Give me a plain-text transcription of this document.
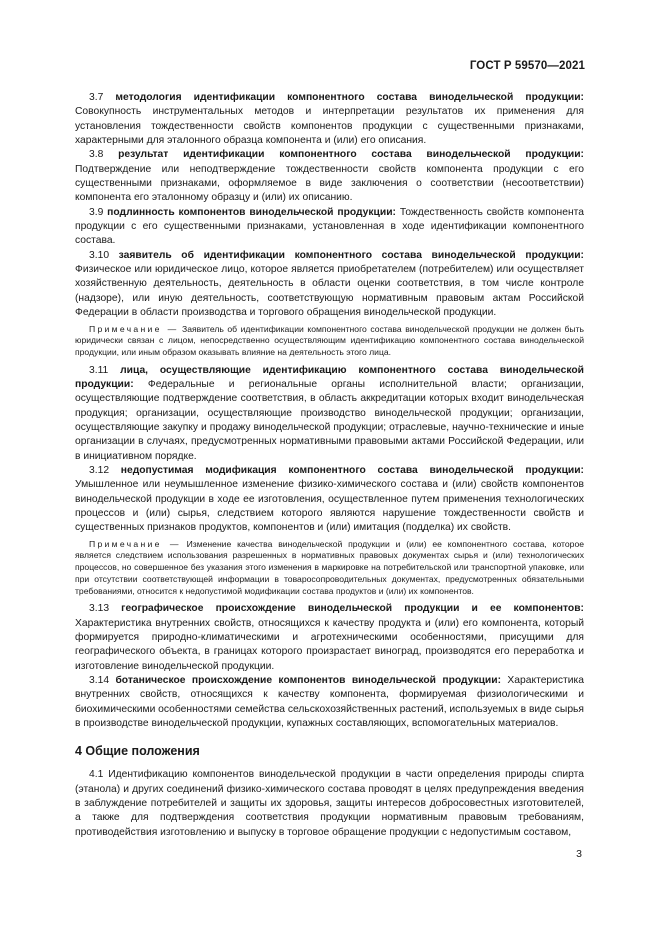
ГОСТ Р 59570—2021

3.7 методология идентификации компонентного состава винодельческой продукции: Совокупность инструментальных методов и интерпретации результатов их применения для установления тождественности свойств компонентов продукции с существенными признаками, характерными для эталонного образца компонента и (или) его описания.

3.8 результат идентификации компонентного состава винодельческой продукции: Подтверждение или неподтверждение тождественности свойств компонента продукции с его существенными признаками, оформляемое в виде заключения о соответствии (несоответствии) компонента его эталонному образцу и (или) их описанию.

3.9 подлинность компонентов винодельческой продукции: Тождественность свойств компонента продукции с его существенными признаками, установленная в ходе идентификации компонентного состава.

3.10 заявитель об идентификации компонентного состава винодельческой продукции: Физическое или юридическое лицо, которое является приобретателем (потребителем) или осуществляет хозяйственную деятельность, деятельность в области оценки соответствия, в том числе контроле (надзоре), или иную деятельность, соответствующую нормативным правовым актам Российской Федерации в области производства и торгового обращения винодельческой продукции.

Примечание — Заявитель об идентификации компонентного состава винодельческой продукции не должен быть юридически связан с лицом, непосредственно осуществляющим идентификацию компонентного состава винодельческой продукции, или иным образом оказывать влияние на деятельность этого лица.

3.11 лица, осуществляющие идентификацию компонентного состава винодельческой продукции: Федеральные и региональные органы исполнительной власти; организации, осуществляющие подтверждение соответствия, в область аккредитации которых входит винодельческая продукция; организации, осуществляющие производство винодельческой продукции; организации, осуществляющие закупку и продажу винодельческой продукции; отраслевые, научно-технические и иные организации в случаях, предусмотренных нормативными правовыми актами Российской Федерации, или в инициативном порядке.

3.12 недопустимая модификация компонентного состава винодельческой продукции: Умышленное или неумышленное изменение физико-химического состава и (или) свойств компонентов винодельческой продукции в ходе ее изготовления, осуществленное путем применения технологических процессов и (или) сырья, следствием которого являются нарушение тождественности свойств и существенных признаков продуктов, компонентов и (или) имитация (подделка) их свойств.

Примечание — Изменение качества винодельческой продукции и (или) ее компонентного состава, которое является следствием использования разрешенных в нормативных правовых документах сырья и (или) технологических процессов, но совершенное без указания этого изменения в маркировке на потребительской или транспортной упаковке, или при отсутствии соответствующей информации в товаросопроводительных документах, предусмотренных обязательными требованиями, относится к недопустимой модификации состава продуктов и (или) их компонентов.

3.13 географическое происхождение винодельческой продукции и ее компонентов: Характеристика внутренних свойств, относящихся к качеству продукта и (или) его компонента, который формируется природно-климатическими и агротехническими особенностями, присущими для географического объекта, в границах которого произрастает виноград, производятся его переработка и изготовление винодельческой продукции.

3.14 ботаническое происхождение компонентов винодельческой продукции: Характеристика внутренних свойств, относящихся к качеству компонента, формируемая физиологическими и биохимическими особенностями семейства сельскохозяйственных растений, используемых в виде сырья в производстве винодельческой продукции, купажных составляющих, вспомогательных материалов.

4 Общие положения

4.1 Идентификацию компонентов винодельческой продукции в части определения природы спирта (этанола) и других соединений физико-химического состава проводят в целях предупреждения введения в заблуждение потребителей и защиты их здоровья, защиты интересов добросовестных изготовителей, а также для подтверждения соответствия продукции нормативным правовым требованиям, противодействия изготовлению и выпуску в торговое обращение продукции с недопустимым составом,

3
